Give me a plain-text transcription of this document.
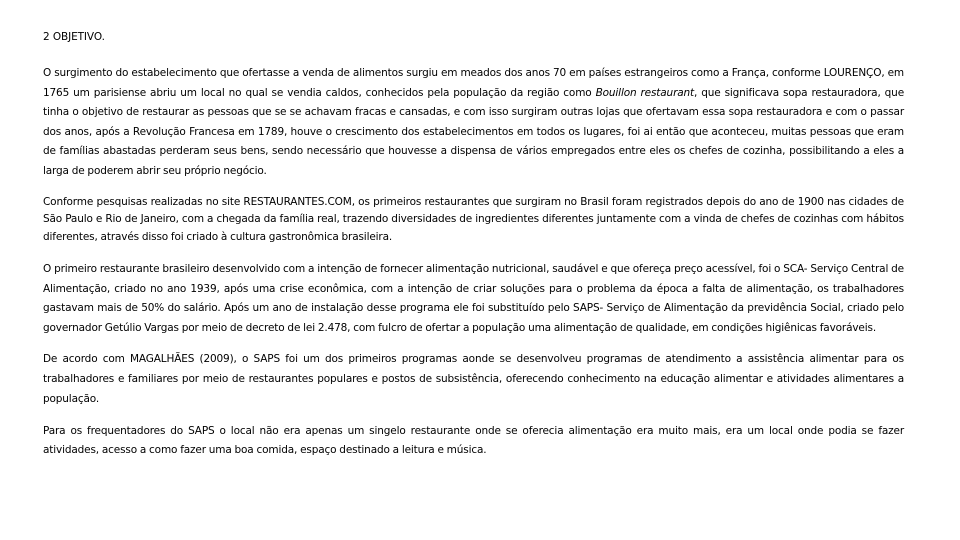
2 OBJETIVO.

O surgimento do estabelecimento que ofertasse a venda de alimentos surgiu em meados dos anos 70 em países estrangeiros como a França, conforme LOURENÇO, em 1765 um parisiense abriu um local no qual se vendia caldos, conhecidos pela população da região como Bouillon restaurant, que significava sopa restauradora, que tinha o objetivo de restaurar as pessoas que se se achavam fracas e cansadas, e com isso surgiram outras lojas que ofertavam essa sopa restauradora e com o passar dos anos, após a Revolução Francesa em 1789, houve o crescimento dos estabelecimentos em todos os lugares, foi ai então que aconteceu, muitas pessoas que eram de famílias abastadas perderam seus bens, sendo necessário que houvesse a dispensa de vários empregados entre eles os chefes de cozinha, possibilitando a eles a larga de poderem abrir seu próprio negócio.

Conforme pesquisas realizadas no site RESTAURANTES.COM, os primeiros restaurantes que surgiram no Brasil foram registrados depois do ano de 1900 nas cidades de São Paulo e Rio de Janeiro, com a chegada da família real, trazendo diversidades de ingredientes diferentes juntamente com a vinda de chefes de cozinhas com hábitos diferentes, através disso foi criado à cultura gastronômica brasileira.

O primeiro restaurante brasileiro desenvolvido com a intenção de fornecer alimentação nutricional, saudável e que ofereça preço acessível, foi o SCA- Serviço Central de Alimentação, criado no ano 1939, após uma crise econômica, com a intenção de criar soluções para o problema da época a falta de alimentação, os trabalhadores gastavam mais de 50% do salário. Após um ano de instalação desse programa ele foi substituído pelo SAPS- Serviço de Alimentação da previdência Social, criado pelo governador Getúlio Vargas por meio de decreto de lei 2.478, com fulcro de ofertar a população uma alimentação de qualidade, em condições higiênicas favoráveis.

De acordo com MAGALHÃES (2009), o SAPS foi um dos primeiros programas aonde se desenvolveu programas de atendimento a assistência alimentar para os trabalhadores e familiares por meio de restaurantes populares e postos de subsistência, oferecendo conhecimento na educação alimentar e atividades alimentares a população.

Para os frequentadores do SAPS o local não era apenas um singelo restaurante onde se oferecia alimentação era muito mais, era um local onde podia se fazer atividades, acesso a como fazer uma boa comida, espaço destinado a leitura e música.
